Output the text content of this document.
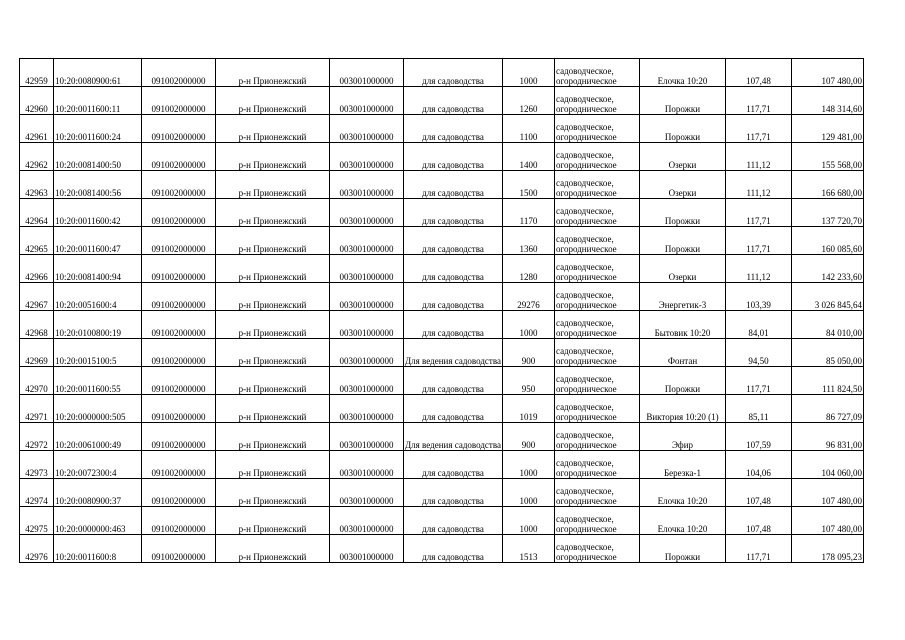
42959	10:20:0080900:61	091002000000	р-н Прионежский	003001000000	для садоводства	1000	садоводческое,
огородническое	Елочка 10:20	107,48	107 480,00
42960	10:20:0011600:11	091002000000	р-н Прионежский	003001000000	для садоводства	1260	садоводческое,
огородническое	Порожки	117,71	148 314,60
42961	10:20:0011600:24	091002000000	р-н Прионежский	003001000000	для садоводства	1100	садоводческое,
огородническое	Порожки	117,71	129 481,00
42962	10:20:0081400:50	091002000000	р-н Прионежский	003001000000	для садоводства	1400	садоводческое,
огородническое	Озерки	111,12	155 568,00
42963	10:20:0081400:56	091002000000	р-н Прионежский	003001000000	для садоводства	1500	садоводческое,
огородническое	Озерки	111,12	166 680,00
42964	10:20:0011600:42	091002000000	р-н Прионежский	003001000000	для садоводства	1170	садоводческое,
огородническое	Порожки	117,71	137 720,70
42965	10:20:0011600:47	091002000000	р-н Прионежский	003001000000	для садоводства	1360	садоводческое,
огородническое	Порожки	117,71	160 085,60
42966	10:20:0081400:94	091002000000	р-н Прионежский	003001000000	для садоводства	1280	садоводческое,
огородническое	Озерки	111,12	142 233,60
42967	10:20:0051600:4	091002000000	р-н Прионежский	003001000000	для садоводства	29276	садоводческое,
огородническое	Энергетик-3	103,39	3 026 845,64
42968	10:20:0100800:19	091002000000	р-н Прионежский	003001000000	для садоводства	1000	садоводческое,
огородническое	Бытовик 10:20	84,01	84 010,00
42969	10:20:0015100:5	091002000000	р-н Прионежский	003001000000	Для ведения садоводства	900	садоводческое,
огородническое	Фонтан	94,50	85 050,00
42970	10:20:0011600:55	091002000000	р-н Прионежский	003001000000	для садоводства	950	садоводческое,
огородническое	Порожки	117,71	111 824,50
42971	10:20:0000000:505	091002000000	р-н Прионежский	003001000000	для садоводства	1019	садоводческое,
огородническое	Виктория 10:20 (1)	85,11	86 727,09
42972	10:20:0061000:49	091002000000	р-н Прионежский	003001000000	Для ведения садоводства	900	садоводческое,
огородническое	Эфир	107,59	96 831,00
42973	10:20:0072300:4	091002000000	р-н Прионежский	003001000000	для садоводства	1000	садоводческое,
огородническое	Березка-1	104,06	104 060,00
42974	10:20:0080900:37	091002000000	р-н Прионежский	003001000000	для садоводства	1000	садоводческое,
огородническое	Елочка 10:20	107,48	107 480,00
42975	10:20:0000000:463	091002000000	р-н Прионежский	003001000000	для садоводства	1000	садоводческое,
огородническое	Елочка 10:20	107,48	107 480,00
42976	10:20:0011600:8	091002000000	р-н Прионежский	003001000000	для садоводства	1513	садоводческое,
огородническое	Порожки	117,71	178 095,23
